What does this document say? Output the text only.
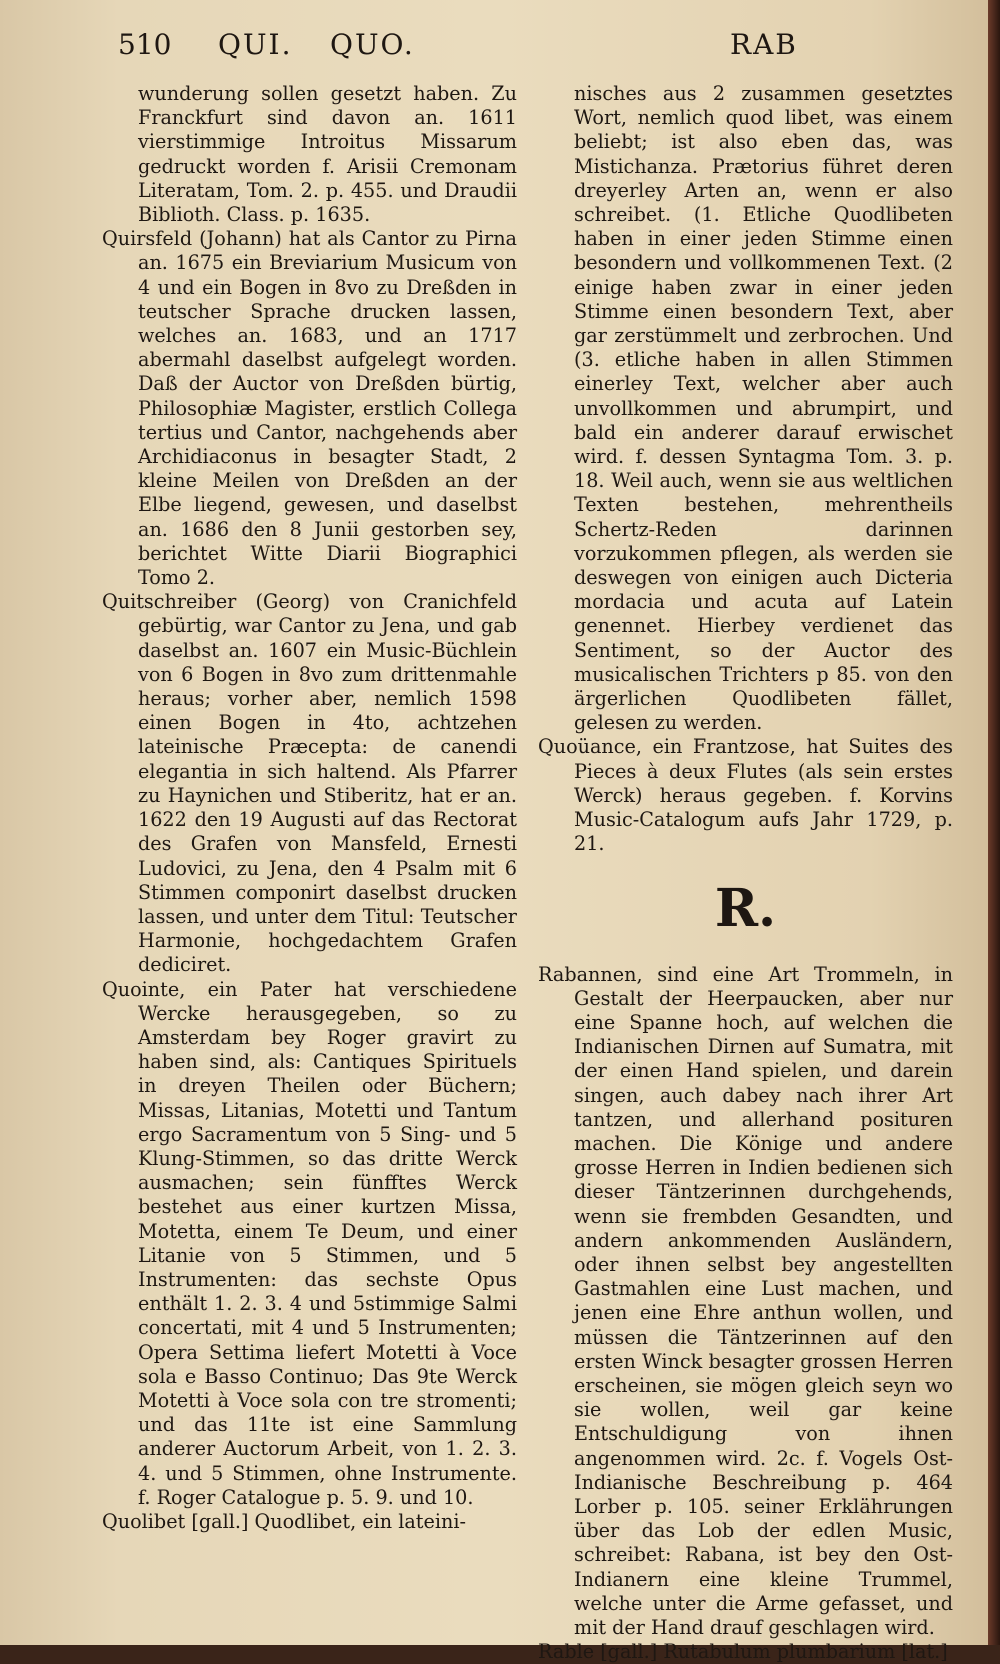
510 QUI. QUO.	RAB

wunderung sollen gesetzt haben. Zu Franckfurt sind davon an. 1611 vierstimmige Introitus Missarum gedruckt worden f. Arisii Cremonam Literatam, Tom. 2. p. 455. und Draudii Biblioth. Class. p. 1635.

Quirsfeld (Johann) hat als Cantor zu Pirna an. 1675 ein Breviarium Musicum von 4 und ein Bogen in 8vo zu Dreßden in teutscher Sprache drucken lassen, welches an. 1683, und an 1717 abermahl daselbst aufgelegt worden. Daß der Auctor von Dreßden bürtig, Philosophiæ Magister, erstlich Collega tertius und Cantor, nachgehends aber Archidiaconus in besagter Stadt, 2 kleine Meilen von Dreßden an der Elbe liegend, gewesen, und daselbst an. 1686 den 8 Junii gestorben sey, berichtet Witte Diarii Biographici Tomo 2.

Quitschreiber (Georg) von Cranichfeld gebürtig, war Cantor zu Jena, und gab daselbst an. 1607 ein Music-Büchlein von 6 Bogen in 8vo zum drittenmahle heraus; vorher aber, nemlich 1598 einen Bogen in 4to, achtzehen lateinische Præcepta: de canendi elegantia in sich haltend. Als Pfarrer zu Haynichen und Stiberitz, hat er an. 1622 den 19 Augusti auf das Rectorat des Grafen von Mansfeld, Ernesti Ludovici, zu Jena, den 4 Psalm mit 6 Stimmen componirt daselbst drucken lassen, und unter dem Titul: Teutscher Harmonie, hochgedachtem Grafen dediciret.

Quointe, ein Pater hat verschiedene Wercke herausgegeben, so zu Amsterdam bey Roger gravirt zu haben sind, als: Cantiques Spirituels in dreyen Theilen oder Büchern; Missas, Litanias, Motetti und Tantum ergo Sacramentum von 5 Sing- und 5 Klung-Stimmen, so das dritte Werck ausmachen; sein fünfftes Werck bestehet aus einer kurtzen Missa, Motetta, einem Te Deum, und einer Litanie von 5 Stimmen, und 5 Instrumenten: das sechste Opus enthält 1. 2. 3. 4 und 5stimmige Salmi concertati, mit 4 und 5 Instrumenten; Opera Settima liefert Motetti à Voce sola e Basso Continuo; Das 9te Werck Motetti à Voce sola con tre stromenti; und das 11te ist eine Sammlung anderer Auctorum Arbeit, von 1. 2. 3. 4. und 5 Stimmen, ohne Instrumente. f. Roger Catalogue p. 5. 9. und 10.

Quolibet [gall.] Quodlibet, ein lateini-

nisches aus 2 zusammen gesetztes Wort, nemlich quod libet, was einem beliebt; ist also eben das, was Mistichanza. Prætorius führet deren dreyerley Arten an, wenn er also schreibet. (1. Etliche Quodlibeten haben in einer jeden Stimme einen besondern und vollkommenen Text. (2 einige haben zwar in einer jeden Stimme einen besondern Text, aber gar zerstümmelt und zerbrochen. Und (3. etliche haben in allen Stimmen einerley Text, welcher aber auch unvollkommen und abrumpirt, und bald ein anderer darauf erwischet wird. f. dessen Syntagma Tom. 3. p. 18. Weil auch, wenn sie aus weltlichen Texten bestehen, mehrentheils Schertz-Reden darinnen vorzukommen pflegen, als werden sie deswegen von einigen auch Dicteria mordacia und acuta auf Latein genennet. Hierbey verdienet das Sentiment, so der Auctor des musicalischen Trichters p 85. von den ärgerlichen Quodlibeten fället, gelesen zu werden.

Quoüance, ein Frantzose, hat Suites des Pieces à deux Flutes (als sein erstes Werck) heraus gegeben. f. Korvins Music-Catalogum aufs Jahr 1729, p. 21.

R.

Rabannen, sind eine Art Trommeln, in Gestalt der Heerpaucken, aber nur eine Spanne hoch, auf welchen die Indianischen Dirnen auf Sumatra, mit der einen Hand spielen, und darein singen, auch dabey nach ihrer Art tantzen, und allerhand posituren machen. Die Könige und andere grosse Herren in Indien bedienen sich dieser Täntzerinnen durchgehends, wenn sie frembden Gesandten, und andern ankommenden Ausländern, oder ihnen selbst bey angestellten Gastmahlen eine Lust machen, und jenen eine Ehre anthun wollen, und müssen die Täntzerinnen auf den ersten Winck besagter grossen Herren erscheinen, sie mögen gleich seyn wo sie wollen, weil gar keine Entschuldigung von ihnen angenommen wird. 2c. f. Vogels Ost-Indianische Beschreibung p. 464 Lorber p. 105. seiner Erklährungen über das Lob der edlen Music, schreibet: Rabana, ist bey den Ost-Indianern eine kleine Trummel, welche unter die Arme gefasset, und mit der Hand drauf geschlagen wird.

Rable [gall.] Rutabulum plumbarium [lat.]
